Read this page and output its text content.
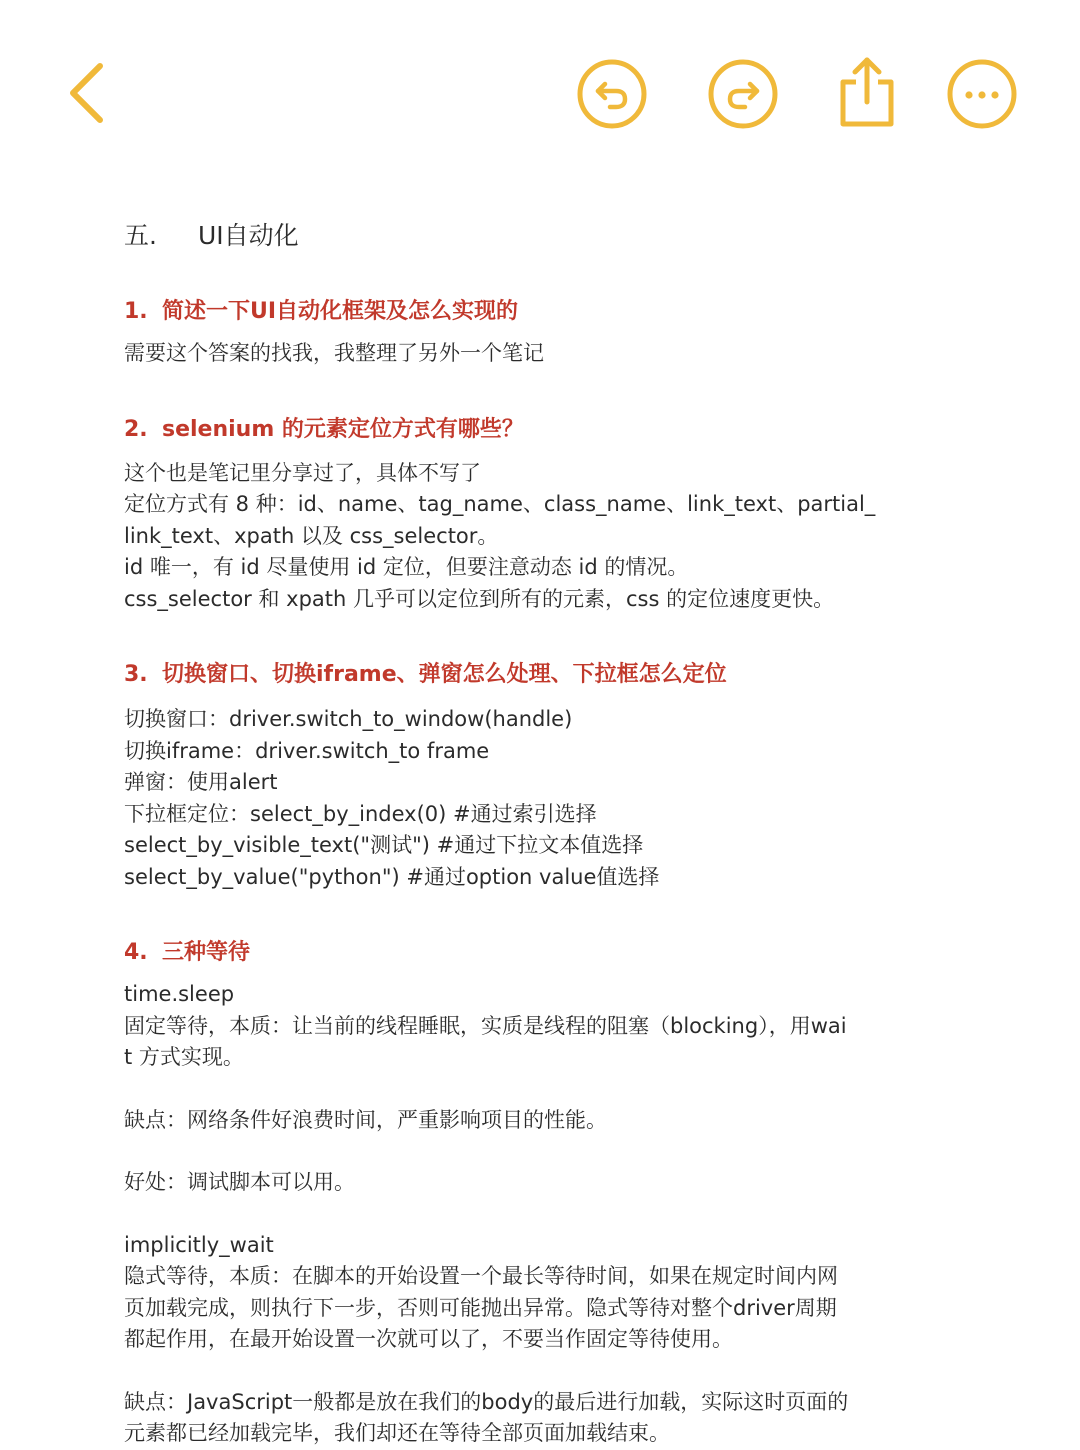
五. UI自动化

1. 简述一下UI自动化框架及怎么实现的

需要这个答案的找我，我整理了另外一个笔记

2. selenium 的元素定位方式有哪些？

这个也是笔记里分享过了，具体不写了

定位方式有 8 种：id、name、tag_name、class_name、link_text、partial_

link_text、xpath 以及 css_selector。

id 唯一，有 id 尽量使用 id 定位，但要注意动态 id 的情况。

css_selector 和 xpath 几乎可以定位到所有的元素，css 的定位速度更快。

3. 切换窗口、切换iframe、弹窗怎么处理、下拉框怎么定位

切换窗口：driver.switch_to_window(handle)

切换iframe：driver.switch_to frame

弹窗：使用alert

下拉框定位：select_by_index(0) #通过索引选择

select_by_visible_text("测试") #通过下拉文本值选择

select_by_value("python") #通过option value值选择

4. 三种等待

time.sleep

固定等待，本质：让当前的线程睡眠，实质是线程的阻塞（blocking），用wai

t 方式实现。

缺点：网络条件好浪费时间，严重影响项目的性能。

好处：调试脚本可以用。

implicitly_wait

隐式等待，本质：在脚本的开始设置一个最长等待时间，如果在规定时间内网

页加载完成，则执行下一步，否则可能抛出异常。隐式等待对整个driver周期

都起作用，在最开始设置一次就可以了，不要当作固定等待使用。

缺点：JavaScript一般都是放在我们的body的最后进行加载，实际这时页面的

元素都已经加载完毕，我们却还在等待全部页面加载结束。
